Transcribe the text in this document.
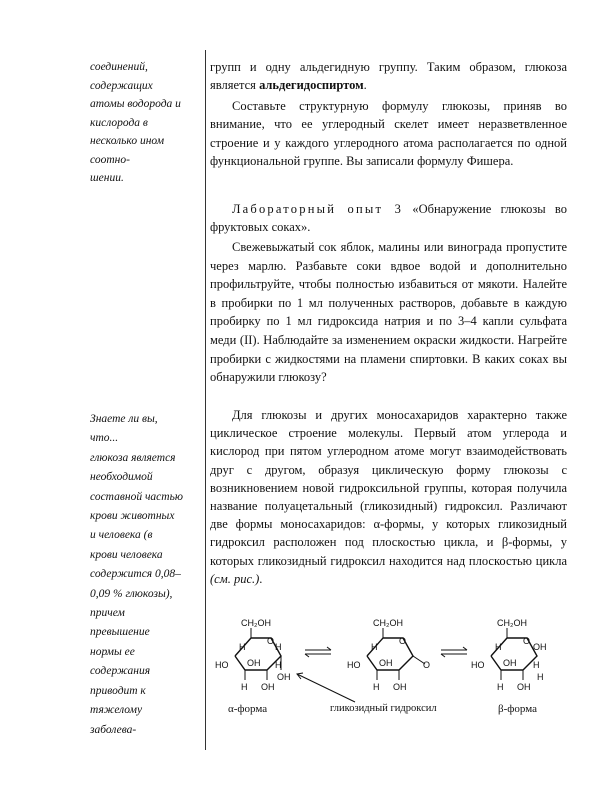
соединений,
содержащих
атомы водорода и
кислорода в
несколько ином
соотно-
шении.
Знаете ли вы,
что...
глюкоза является
необходимой
составной частью
крови животных
и человека (в
крови человека
содержится 0,08–
0,09 % глюкозы),
причем
превышение
нормы ее
содержания
приводит к
тяжелому
заболева-
групп и одну альдегидную группу. Таким образом, глюкоза является альдегидоспиртом.
Составьте структурную формулу глюкозы, приняв во внимание, что ее углеродный скелет имеет неразветвленное строение и у каждого углеродного атома располагается по одной функциональной группе. Вы записали формулу Фишера.
Лабораторный опыт 3 «Обнаружение глюкозы во фруктовых соках».
Свежевыжатый сок яблок, малины или винограда пропустите через марлю. Разбавьте соки вдвое водой и дополнительно профильтруйте, чтобы полностью избавиться от мякоти. Налейте в пробирки по 1 мл полученных растворов, добавьте в каждую пробирку по 1 мл гидроксида натрия и по 3–4 капли сульфата меди (II). Наблюдайте за изменением окраски жидкости. Нагрейте пробирки с жидкостями на пламени спиртовки. В каких соках вы обнаружили глюкозу?
Для глюкозы и других моносахаридов характерно также циклическое строение молекулы. Первый атом углерода и кислород при пятом углеродном атоме могут взаимодействовать друг с другом, образуя циклическую форму глюкозы с возникновением новой гидроксильной группы, которая получила название полуацетальный (гликозидный) гидроксил. Различают две формы моносахаридов: α-формы, у которых гликозидный гидроксил расположен под плоскостью цикла, и β-формы, у которых гликозидный гидроксил находится над плоскостью цикла (см. рис.).
CH₂OH
O
H	H
OH
HO	H
H OH
OH
CH₂OH
O
H
OH
HO	O
H OH
CH₂OH
O
H	OH
OH
HO	H
H OH
H
α-форма	гликозидный гидроксил	β-форма
